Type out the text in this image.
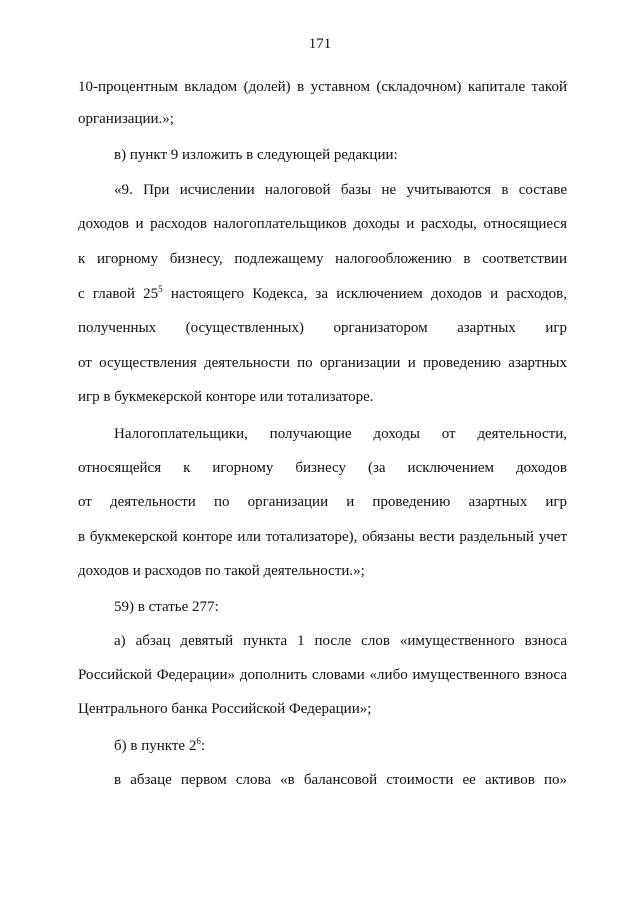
171
10-процентным вкладом (долей) в уставном (складочном) капитале такой
организации.»;
в) пункт 9 изложить в следующей редакции:
«9. При исчислении налоговой базы не учитываются в составе
доходов и расходов налогоплательщиков доходы и расходы, относящиеся
к игорному бизнесу, подлежащему налогообложению в соответствии
с главой $25^5$ настоящего Кодекса, за исключением доходов и расходов,
полученных (осуществленных) организатором азартных игр
от осуществления деятельности по организации и проведению азартных
игр в букмекерской конторе или тотализаторе.
Налогоплательщики, получающие доходы от деятельности,
относящейся к игорному бизнесу (за исключением доходов
от деятельности по организации и проведению азартных игр
в букмекерской конторе или тотализаторе), обязаны вести раздельный учет
доходов и расходов по такой деятельности.»;
59) в статье 277:
а) абзац девятый пункта 1 после слов «имущественного взноса
Российской Федерации» дополнить словами «либо имущественного взноса
Центрального банка Российской Федерации»;
б) в пункте $2^6$:
в абзаце первом слова «в балансовой стоимости ее активов по»
